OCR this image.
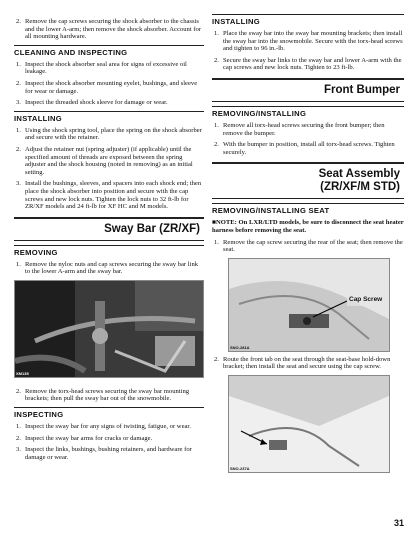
2. Remove the cap screws securing the shock absorber to the chassis and the lower A-arm; then remove the shock absorber. Account for all mounting hardware.
CLEANING AND INSPECTING
1. Inspect the shock absorber seal area for signs of excessive oil leakage.
2. Inspect the shock absorber mounting eyelet, bushings, and sleeve for wear or damage.
3. Inspect the threaded shock sleeve for damage or wear.
INSTALLING
1. Using the shock spring tool, place the spring on the shock absorber and secure with the retainer.
2. Adjust the retainer nut (spring adjuster) (if applicable) until the specified amount of threads are exposed between the spring adjuster and the shock housing (noted in removing) as an initial setting.
3. Install the bushings, sleeves, and spacers into each shock end; then place the shock absorber into position and secure with the cap screws and new lock nuts. Tighten the lock nuts to 32 ft-lb for ZR/XF models and 24 ft-lb for XF HC and M models.
Sway Bar (ZR/XF)
REMOVING
1. Remove the nyloc nuts and cap screws securing the sway bar link to the lower A-arm and the sway bar.
XM135
2. Remove the torx-head screws securing the sway bar mounting brackets; then pull the sway bar out of the snowmobile.
INSPECTING
1. Inspect the sway bar for any signs of twisting, fatigue, or wear.
2. Inspect the sway bar arms for cracks or damage.
3. Inspect the links, bushings, bushing retainers, and hardware for damage or wear.
INSTALLING
1. Place the sway bar into the sway bar mounting brackets; then install the sway bar into the snowmobile. Secure with the torx-head screws and tighten to 96 in.-lb.
2. Secure the sway bar links to the sway bar and lower A-arm with the cap screws and new lock nuts. Tighten to 23 ft-lb.
Front Bumper
REMOVING/INSTALLING
1. Remove all torx-head screws securing the front bumper; then remove the bumper.
2. With the bumper in position, install all torx-head screws. Tighten securely.
Seat Assembly
(ZR/XF/M STD)
REMOVING/INSTALLING SEAT

■NOTE: On LXR/LTD models, be sure to disconnect the seat heater harness before removing the seat.

1. Remove the cap screw securing the rear of the seat; then remove the seat.
Cap Screw
SNO-281A
2. Route the front tab on the seat through the seat-base hold-down bracket; then install the seat and secure using the cap screw.
SNO-237A
31
